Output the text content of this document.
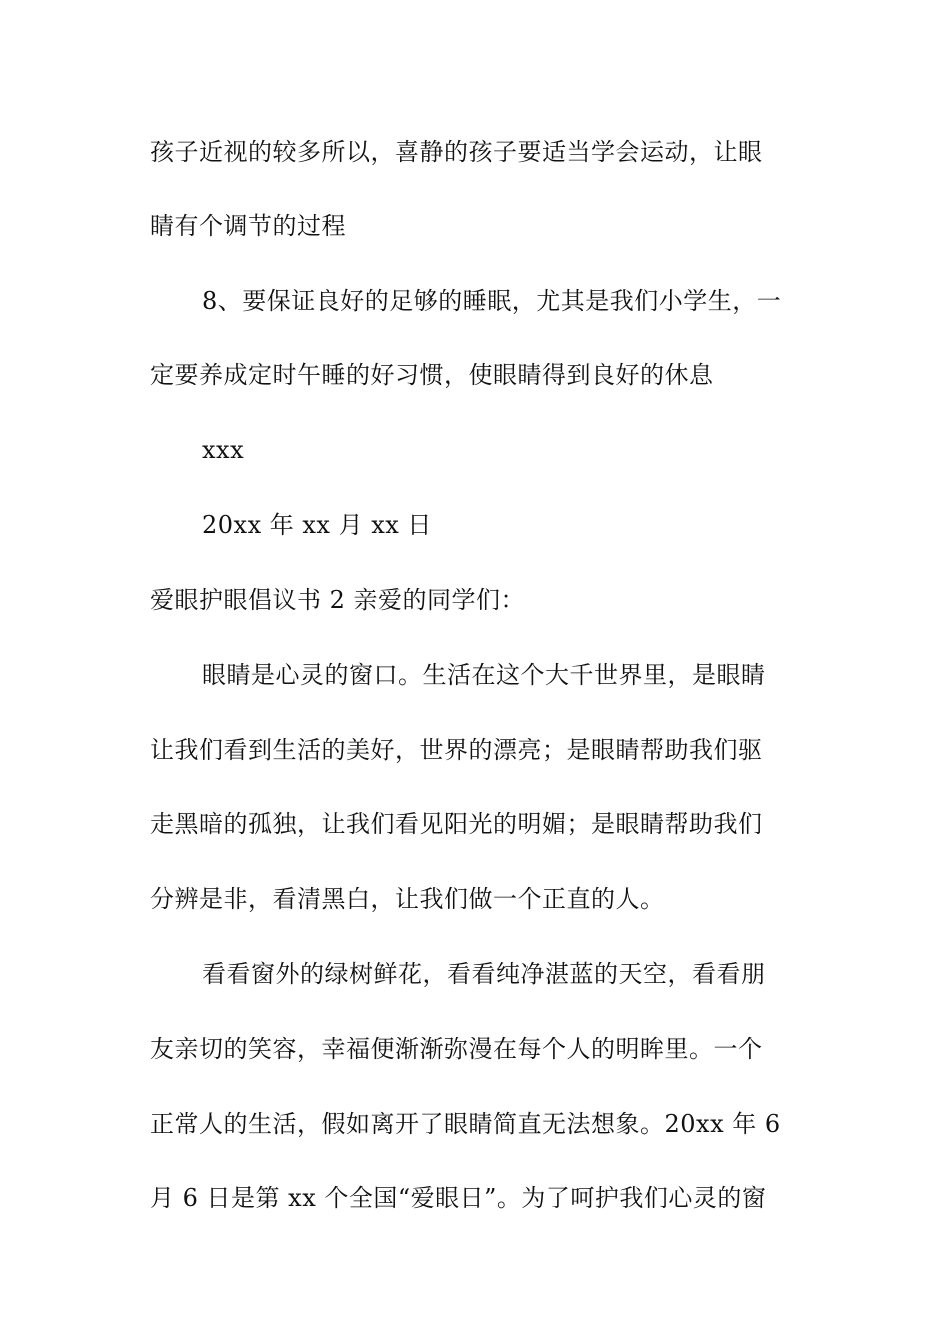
孩子近视的较多所以，喜静的孩子要适当学会运动，让眼
睛有个调节的过程
8、要保证良好的足够的睡眠，尤其是我们小学生，一
定要养成定时午睡的好习惯，使眼睛得到良好的休息
xxx
20xx 年 xx 月 xx 日
爱眼护眼倡议书 2 亲爱的同学们：
眼睛是心灵的窗口。生活在这个大千世界里，是眼睛
让我们看到生活的美好，世界的漂亮；是眼睛帮助我们驱
走黑暗的孤独，让我们看见阳光的明媚；是眼睛帮助我们
分辨是非，看清黑白，让我们做一个正直的人。
看看窗外的绿树鲜花，看看纯净湛蓝的天空，看看朋
友亲切的笑容，幸福便渐渐弥漫在每个人的明眸里。一个
正常人的生活，假如离开了眼睛简直无法想象。20xx 年 6
月 6 日是第 xx 个全国“爱眼日”。为了呵护我们心灵的窗
